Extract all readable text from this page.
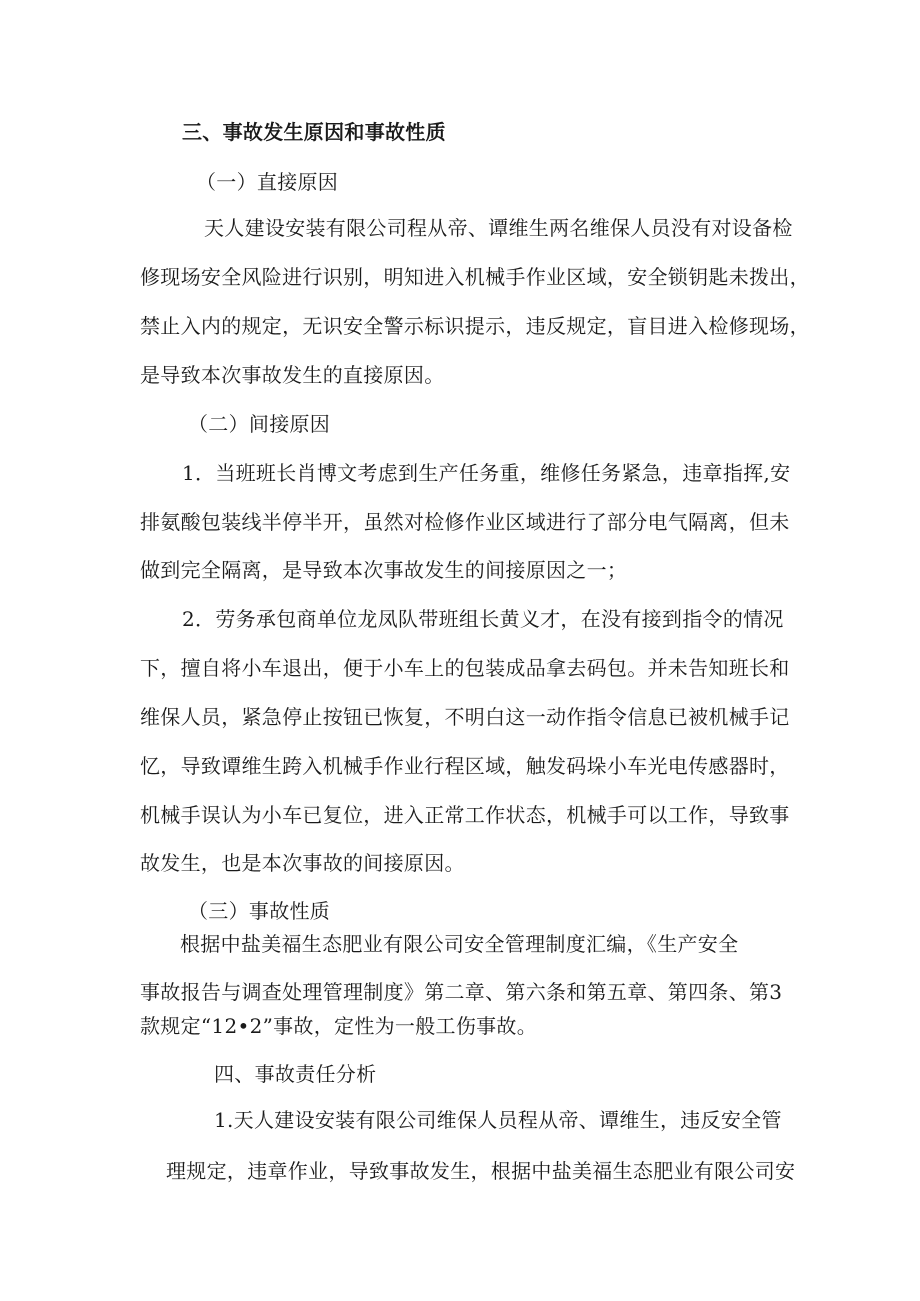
三、事故发生原因和事故性质
（一）直接原因
天人建设安装有限公司程从帝、谭维生两名维保人员没有对设备检
修现场安全风险进行识别，明知进入机械手作业区域，安全锁钥匙未拨出，
禁止入内的规定，无识安全警示标识提示，违反规定，盲目进入检修现场，
是导致本次事故发生的直接原因。
（二）间接原因
1．当班班长肖博文考虑到生产任务重，维修任务紧急，违章指挥,安
排氨酸包装线半停半开，虽然对检修作业区域进行了部分电气隔离，但未
做到完全隔离，是导致本次事故发生的间接原因之一；
2．劳务承包商单位龙凤队带班组长黄义才，在没有接到指令的情况
下，擅自将小车退出，便于小车上的包装成品拿去码包。并未告知班长和
维保人员，紧急停止按钮已恢复，不明白这一动作指令信息已被机械手记
忆，导致谭维生跨入机械手作业行程区域，触发码垛小车光电传感器时，
机械手误认为小车已复位，进入正常工作状态，机械手可以工作，导致事
故发生，也是本次事故的间接原因。
（三）事故性质
根据中盐美福生态肥业有限公司安全管理制度汇编，《生产安全
事故报告与调查处理管理制度》第二章、第六条和第五章、第四条、第3
款规定“12•2”事故，定性为一般工伤事故。
四、事故责任分析
1.天人建设安装有限公司维保人员程从帝、谭维生，违反安全管
理规定，违章作业，导致事故发生，根据中盐美福生态肥业有限公司安
